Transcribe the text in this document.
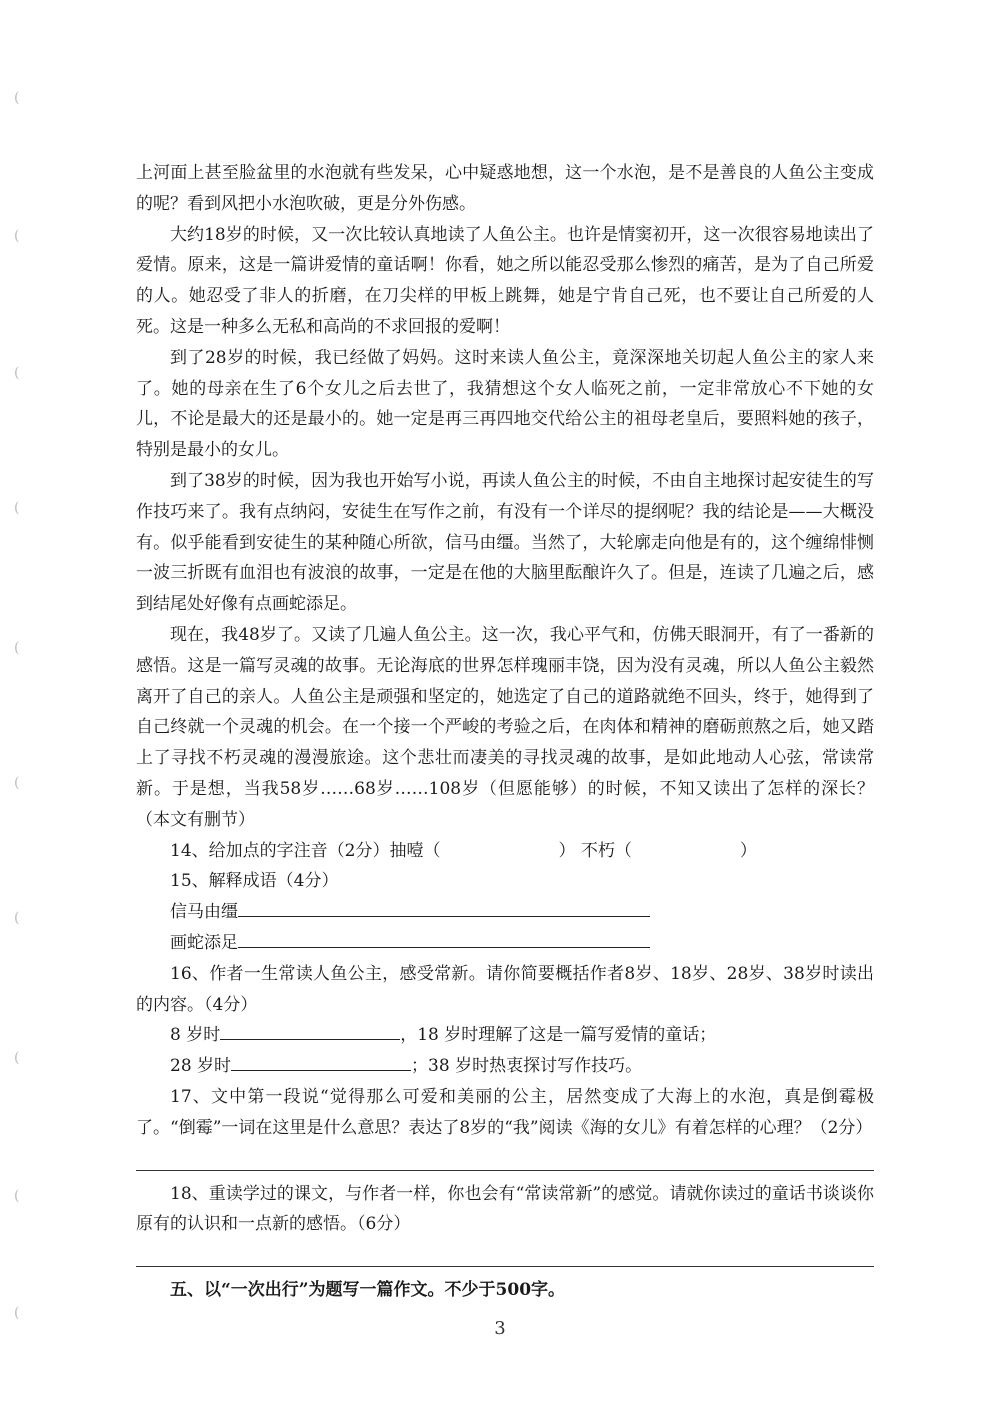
(
(
(
(
(
(
(
(
(
(

上河面上甚至脸盆里的水泡就有些发呆，心中疑惑地想，这一个水泡，是不是善良的人鱼公主变成的呢？看到风把小水泡吹破，更是分外伤感。

大约18岁的时候，又一次比较认真地读了人鱼公主。也许是情窦初开，这一次很容易地读出了爱情。原来，这是一篇讲爱情的童话啊！你看，她之所以能忍受那么惨烈的痛苦，是为了自己所爱的人。她忍受了非人的折磨，在刀尖样的甲板上跳舞，她是宁肯自己死，也不要让自己所爱的人死。这是一种多么无私和高尚的不求回报的爱啊！

到了28岁的时候，我已经做了妈妈。这时来读人鱼公主，竟深深地关切起人鱼公主的家人来了。她的母亲在生了6个女儿之后去世了，我猜想这个女人临死之前，一定非常放心不下她的女儿，不论是最大的还是最小的。她一定是再三再四地交代给公主的祖母老皇后，要照料她的孩子，特别是最小的女儿。

到了38岁的时候，因为我也开始写小说，再读人鱼公主的时候，不由自主地探讨起安徒生的写作技巧来了。我有点纳闷，安徒生在写作之前，有没有一个详尽的提纲呢？我的结论是——大概没有。似乎能看到安徒生的某种随心所欲，信马由缰。当然了，大轮廓走向他是有的，这个缠绵悱恻一波三折既有血泪也有波浪的故事，一定是在他的大脑里酝酿许久了。但是，连读了几遍之后，感到结尾处好像有点画蛇添足。

现在，我48岁了。又读了几遍人鱼公主。这一次，我心平气和，仿佛天眼洞开，有了一番新的感悟。这是一篇写灵魂的故事。无论海底的世界怎样瑰丽丰饶，因为没有灵魂，所以人鱼公主毅然离开了自己的亲人。人鱼公主是顽强和坚定的，她选定了自己的道路就绝不回头，终于，她得到了自己终就一个灵魂的机会。在一个接一个严峻的考验之后，在肉体和精神的磨砺煎熬之后，她又踏上了寻找不朽灵魂的漫漫旅途。这个悲壮而凄美的寻找灵魂的故事，是如此地动人心弦，常读常新。于是想，当我58岁……68岁……108岁（但愿能够）的时候，不知又读出了怎样的深长？（本文有删节）

14、给加点的字注音（2分）抽噎（	） 不朽（	）

15、解释成语（4分）

信马由缰

画蛇添足

16、作者一生常读人鱼公主，感受常新。请你简要概括作者8岁、18岁、28岁、38岁时读出的内容。（4分）

8 岁时	，18 岁时理解了这是一篇写爱情的童话；

28 岁时	；38 岁时热衷探讨写作技巧。

17、文中第一段说“觉得那么可爱和美丽的公主，居然变成了大海上的水泡，真是倒霉极了。“倒霉”一词在这里是什么意思？表达了8岁的“我”阅读《海的女儿》有着怎样的心理？（2分）

18、重读学过的课文，与作者一样，你也会有“常读常新”的感觉。请就你读过的童话书谈谈你原有的认识和一点新的感悟。（6分）

五、以“一次出行”为题写一篇作文。不少于500字。

3
